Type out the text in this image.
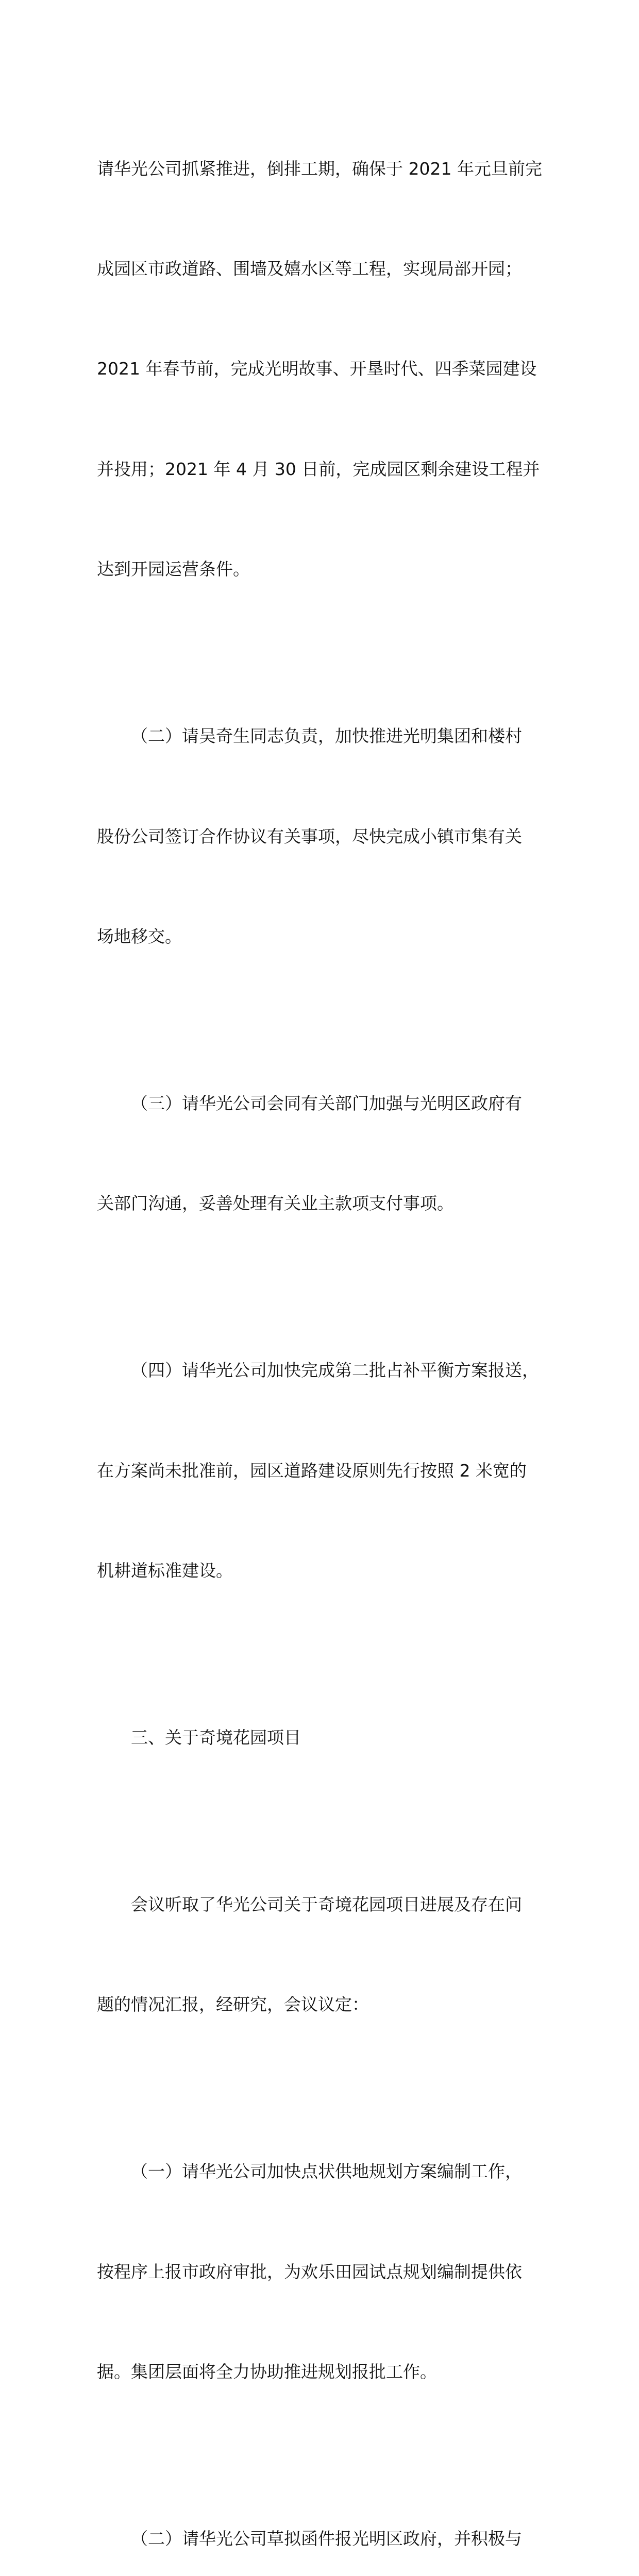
请华光公司抓紧推进，倒排工期，确保于 2021 年元旦前完

成园区市政道路、围墙及嬉水区等工程，实现局部开园；

2021 年春节前，完成光明故事、开垦时代、四季菜园建设

并投用；2021 年 4 月 30 日前，完成园区剩余建设工程并

达到开园运营条件。

（二）请吴奇生同志负责，加快推进光明集团和楼村

股份公司签订合作协议有关事项，尽快完成小镇市集有关

场地移交。

（三）请华光公司会同有关部门加强与光明区政府有

关部门沟通，妥善处理有关业主款项支付事项。

（四）请华光公司加快完成第二批占补平衡方案报送，

在方案尚未批准前，园区道路建设原则先行按照 2 米宽的

机耕道标准建设。

三、关于奇境花园项目

会议听取了华光公司关于奇境花园项目进展及存在问

题的情况汇报，经研究，会议议定：

（一）请华光公司加快点状供地规划方案编制工作，

按程序上报市政府审批，为欢乐田园试点规划编制提供依

据。集团层面将全力协助推进规划报批工作。

（二）请华光公司草拟函件报光明区政府，并积极与
